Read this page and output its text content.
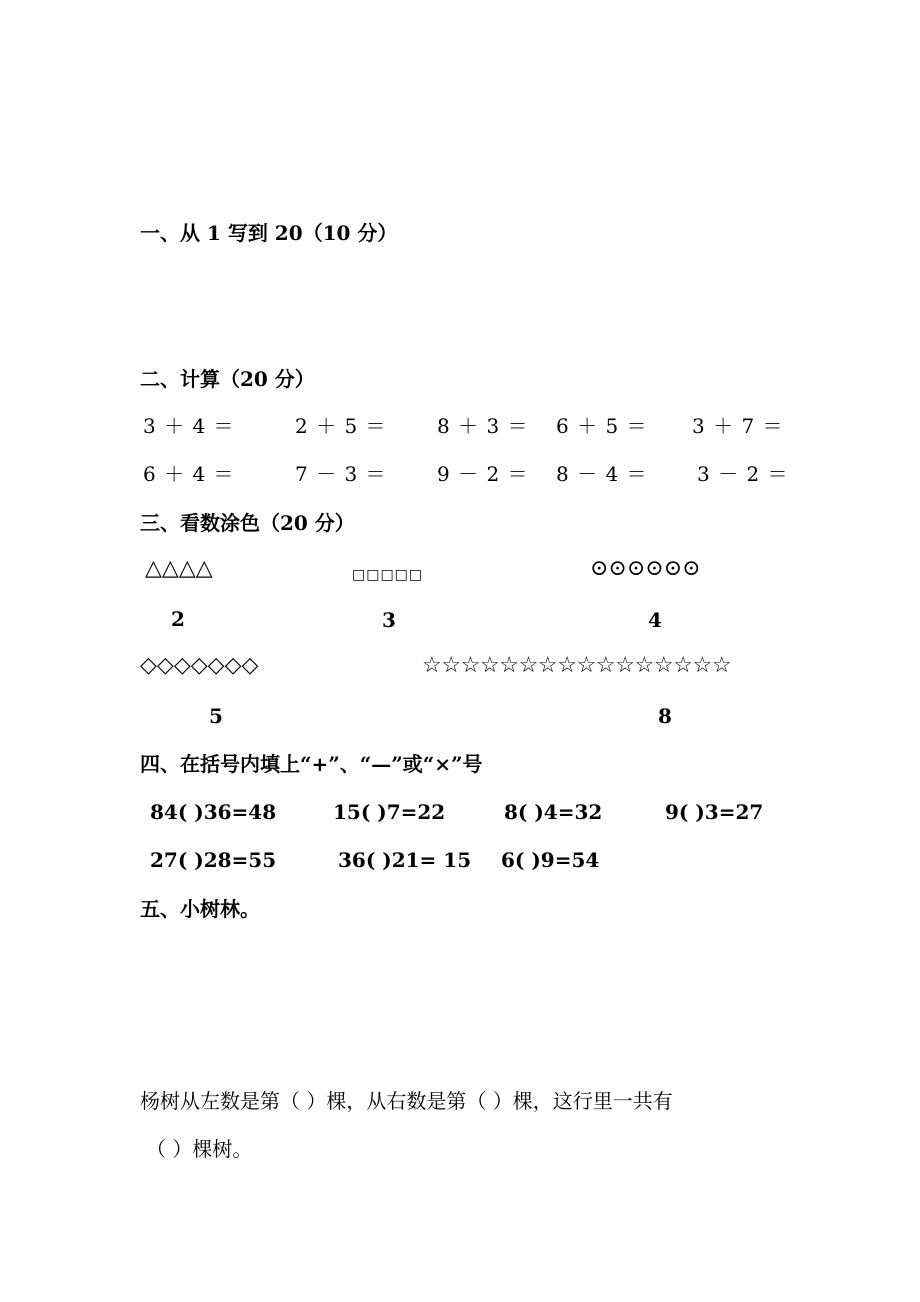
一、从 1 写到 20（10 分）
二、计算（20 分）
3 ＋ 4 ＝	2 ＋ 5 ＝	8 ＋ 3 ＝ 6 ＋ 5 ＝ 3 ＋ 7 ＝
6 ＋ 4 ＝	7 － 3 ＝	9 － 2 ＝ 8 － 4 ＝ 3 － 2 ＝
三、看数涂色（20 分）
△△△△	□□□□□	⊙⊙⊙⊙⊙⊙
2	3	4
◇◇◇◇◇◇◇	☆☆☆☆☆☆☆☆☆☆☆☆☆☆☆☆
5	8
四、在括号内填上“+”、“—”或“×”号
84( )36=48	15( )7=22	8( )4=32	9( )3=27
27( )28=55	36( )21= 15 6( )9=54
五、小树林。
杨树从左数是第（ ）棵，从右数是第（ ）棵，这行里一共有
（ ）棵树。
